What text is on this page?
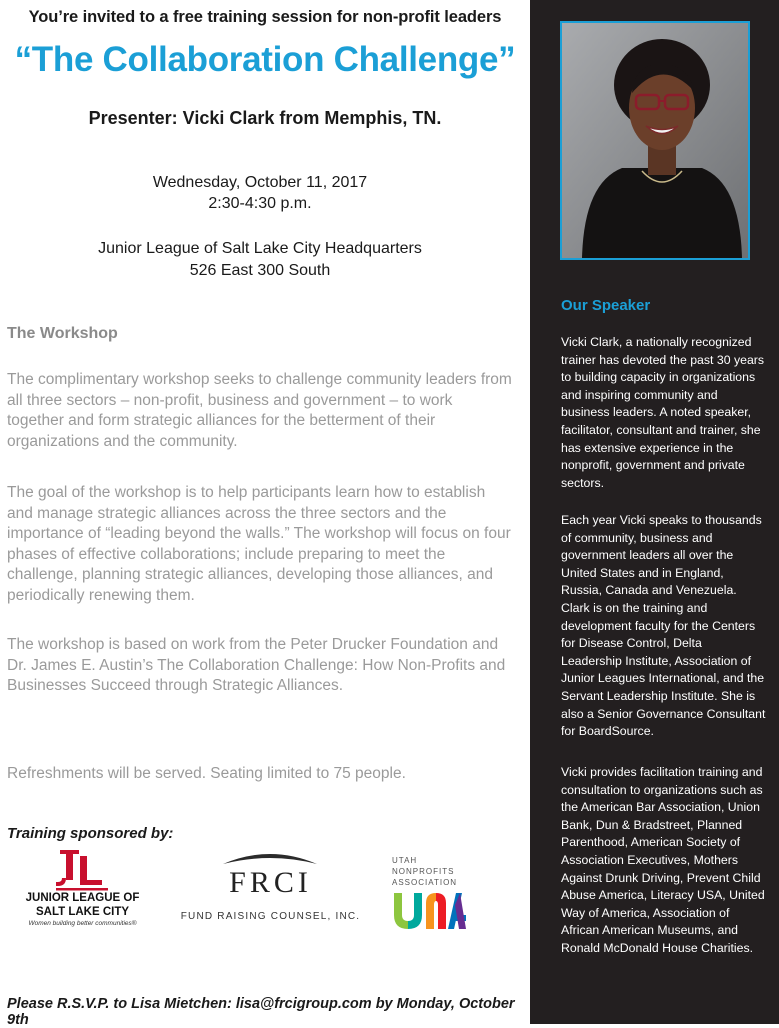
You’re invited to a free training session for non-profit leaders
“The Collaboration Challenge”
Presenter: Vicki Clark from Memphis, TN.
Wednesday, October 11, 2017
2:30-4:30 p.m.
Junior League of Salt Lake City Headquarters
526 East 300 South
The Workshop
The complimentary workshop seeks to challenge community leaders from all three sectors – non-profit, business and government – to work together and form strategic alliances for the betterment of their organizations and the community.
The goal of the workshop is to help participants learn how to establish and manage strategic alliances across the three sectors and the importance of “leading beyond the walls.” The workshop will focus on four phases of effective collaborations; include preparing to meet the challenge, planning strategic alliances, developing those alliances, and periodically renewing them.
The workshop is based on work from the Peter Drucker Foundation and Dr. James E. Austin’s The Collaboration Challenge: How Non-Profits and Businesses Succeed through Strategic Alliances.
Refreshments will be served. Seating limited to 75 people.
Training sponsored by:
JUNIOR LEAGUE OF
SALT LAKE CITY
Women building better communities®
FRCI
FUND RAISING COUNSEL, INC.
UTAH
NONPROFITS
ASSOCIATION
Please R.S.V.P. to Lisa Mietchen: lisa@frcigroup.com by Monday, October 9th
Our Speaker
Vicki Clark, a nationally recognized trainer has devoted the past 30 years to building capacity in organizations and inspiring community and business leaders. A noted speaker, facilitator, consultant and trainer, she has extensive experience in the nonprofit, government and private sectors.
Each year Vicki speaks to thousands of community, business and government leaders all over the United States and in England, Russia, Canada and Venezuela. Clark is on the training and development faculty for the Centers for Disease Control, Delta Leadership Institute, Association of Junior Leagues International, and the Servant Leadership Institute. She is also a Senior Governance Consultant for BoardSource.
Vicki provides facilitation training and consultation to organizations such as the American Bar Association, Union Bank, Dun & Bradstreet, Planned Parenthood, American Society of Association Executives, Mothers Against Drunk Driving, Prevent Child Abuse America, Literacy USA, United Way of America, Association of African American Museums, and Ronald McDonald House Charities.
